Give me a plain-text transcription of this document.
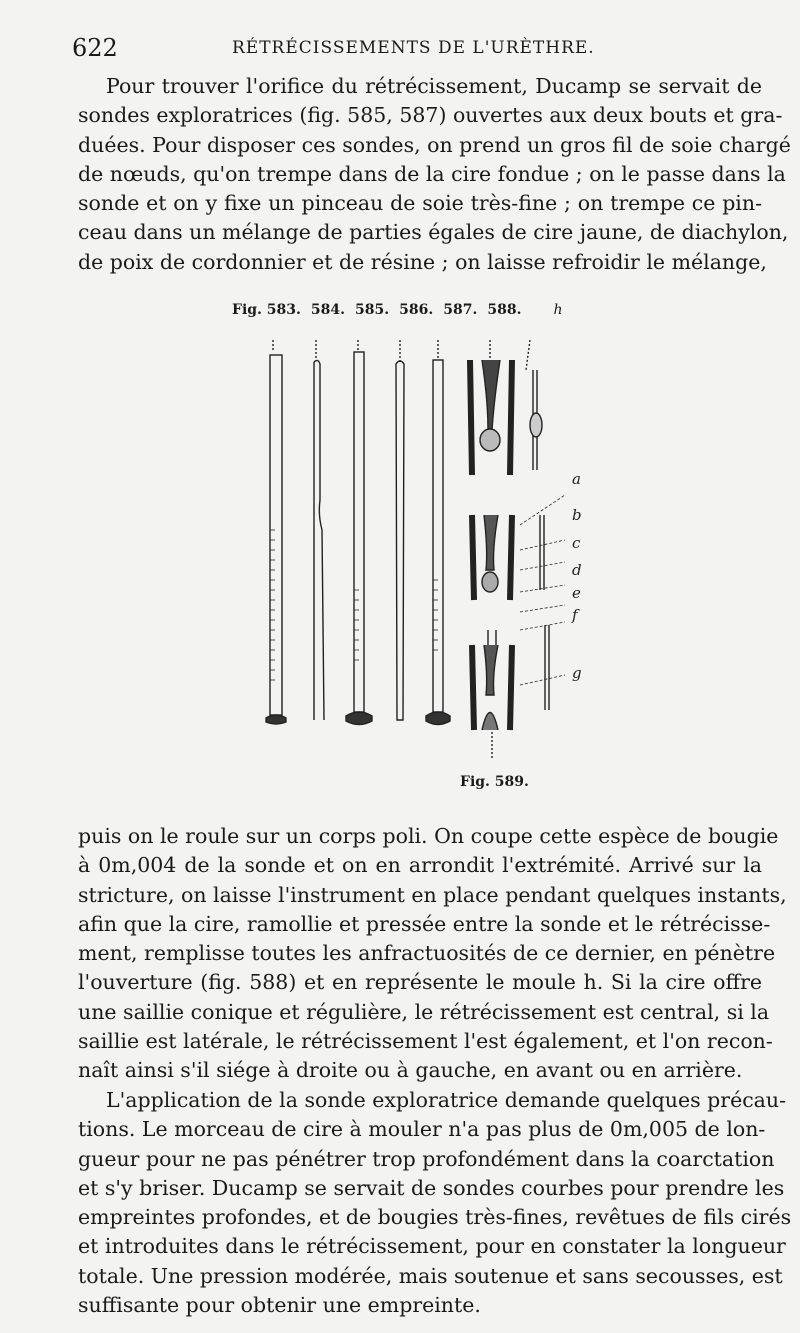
622	RÉTRÉCISSEMENTS DE L'URÈTHRE.
Pour trouver l'orifice du rétrécissement, Ducamp se servait de
sondes exploratrices (fig. 585, 587) ouvertes aux deux bouts et gra-
duées. Pour disposer ces sondes, on prend un gros fil de soie chargé
de nœuds, qu'on trempe dans de la cire fondue ; on le passe dans la
sonde et on y fixe un pinceau de soie très-fine ; on trempe ce pin-
ceau dans un mélange de parties égales de cire jaune, de diachylon,
de poix de cordonnier et de résine ; on laisse refroidir le mélange,
Fig. 583. 584. 585. 586. 587. 588. h
a
b
c
d
e
f
g
Fig. 589.
puis on le roule sur un corps poli. On coupe cette espèce de bougie
à 0m,004 de la sonde et on en arrondit l'extrémité. Arrivé sur la
stricture, on laisse l'instrument en place pendant quelques instants,
afin que la cire, ramollie et pressée entre la sonde et le rétrécisse-
ment, remplisse toutes les anfractuosités de ce dernier, en pénètre
l'ouverture (fig. 588) et en représente le moule h. Si la cire offre
une saillie conique et régulière, le rétrécissement est central, si la
saillie est latérale, le rétrécissement l'est également, et l'on recon-
naît ainsi s'il siége à droite ou à gauche, en avant ou en arrière.
L'application de la sonde exploratrice demande quelques précau-
tions. Le morceau de cire à mouler n'a pas plus de 0m,005 de lon-
gueur pour ne pas pénétrer trop profondément dans la coarctation
et s'y briser. Ducamp se servait de sondes courbes pour prendre les
empreintes profondes, et de bougies très-fines, revêtues de fils cirés
et introduites dans le rétrécissement, pour en constater la longueur
totale. Une pression modérée, mais soutenue et sans secousses, est
suffisante pour obtenir une empreinte.
